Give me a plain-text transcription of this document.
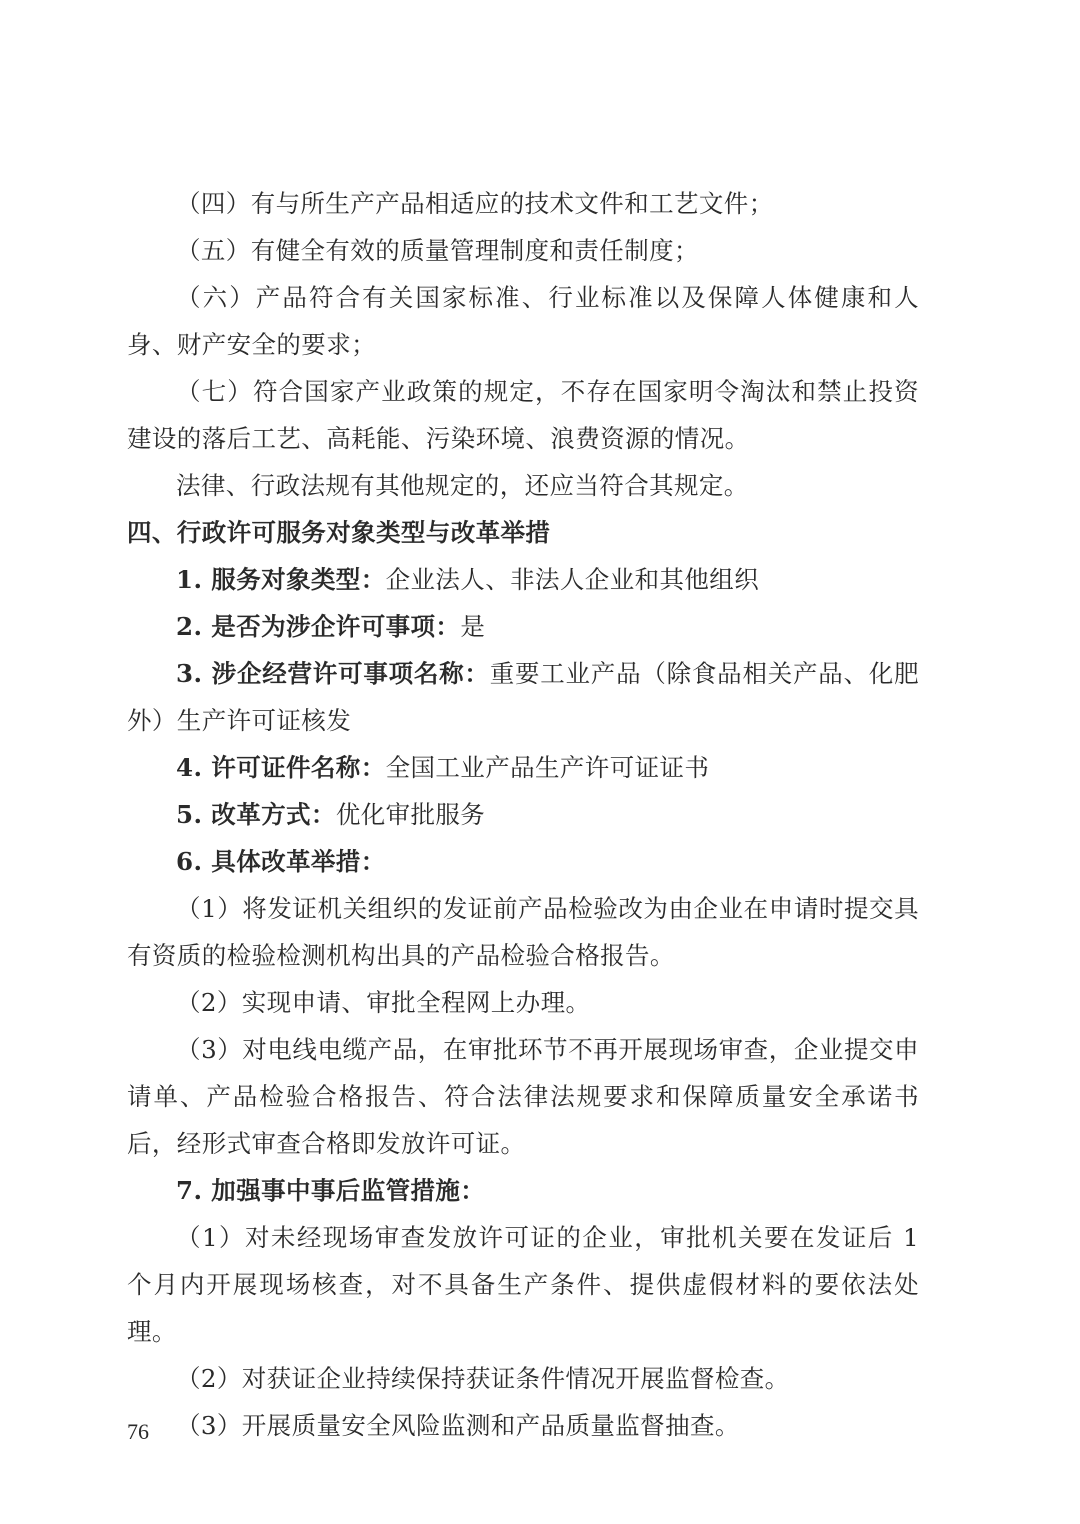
（四）有与所生产产品相适应的技术文件和工艺文件；

（五）有健全有效的质量管理制度和责任制度；

（六）产品符合有关国家标准、行业标准以及保障人体健康和人身、财产安全的要求；

（七）符合国家产业政策的规定，不存在国家明令淘汰和禁止投资建设的落后工艺、高耗能、污染环境、浪费资源的情况。

法律、行政法规有其他规定的，还应当符合其规定。

四、行政许可服务对象类型与改革举措

1. 服务对象类型：企业法人、非法人企业和其他组织

2. 是否为涉企许可事项：是

3. 涉企经营许可事项名称：重要工业产品（除食品相关产品、化肥外）生产许可证核发

4. 许可证件名称：全国工业产品生产许可证证书

5. 改革方式：优化审批服务

6. 具体改革举措：

（1）将发证机关组织的发证前产品检验改为由企业在申请时提交具有资质的检验检测机构出具的产品检验合格报告。

（2）实现申请、审批全程网上办理。

（3）对电线电缆产品，在审批环节不再开展现场审查，企业提交申请单、产品检验合格报告、符合法律法规要求和保障质量安全承诺书后，经形式审查合格即发放许可证。

7. 加强事中事后监管措施：

（1）对未经现场审查发放许可证的企业，审批机关要在发证后 1 个月内开展现场核查，对不具备生产条件、提供虚假材料的要依法处理。

（2）对获证企业持续保持获证条件情况开展监督检查。

（3）开展质量安全风险监测和产品质量监督抽查。

76
